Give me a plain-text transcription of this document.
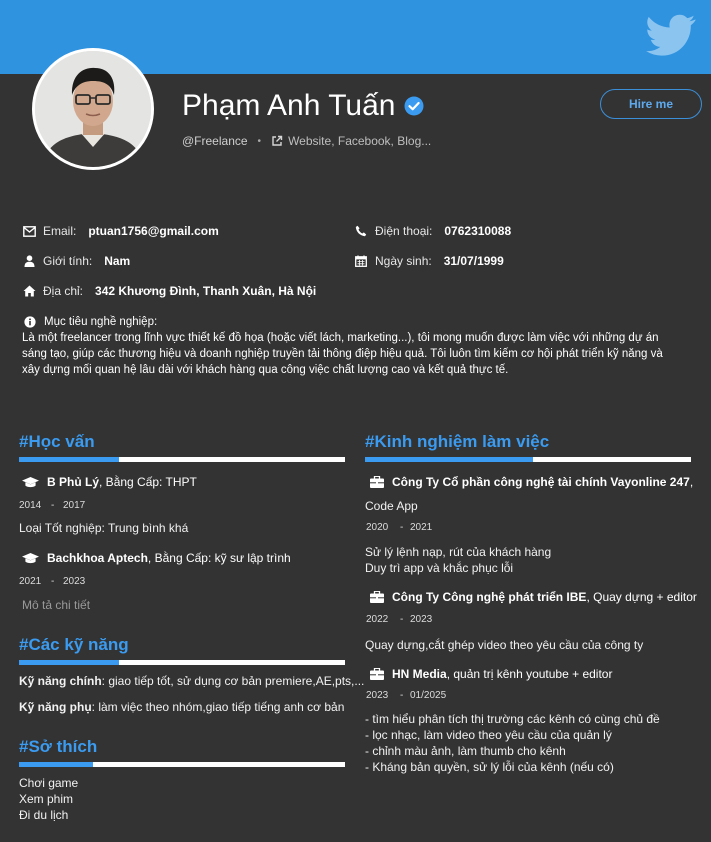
Phạm Anh Tuấn
@Freelance • Website, Facebook, Blog...
Hire me
Email: ptuan1756@gmail.com	Điện thoại: 0762310088
Giới tính: Nam	Ngày sinh: 31/07/1999
Địa chỉ: 342 Khương Đình, Thanh Xuân, Hà Nội
Mục tiêu nghề nghiệp:

Là một freelancer trong lĩnh vực thiết kế đồ họa (hoặc viết lách, marketing...), tôi mong muốn được làm việc với những dự án sáng tạo, giúp các thương hiệu và doanh nghiệp truyền tải thông điệp hiệu quả. Tôi luôn tìm kiếm cơ hội phát triển kỹ năng và xây dựng mối quan hệ lâu dài với khách hàng qua công việc chất lượng cao và kết quả thực tế.

#Học vấn
B Phủ Lý, Bằng Cấp: THPT
2014 - 2017
Loại Tốt nghiệp: Trung bình khá
Bachkhoa Aptech, Bằng Cấp: kỹ sư lập trình
2021 - 2023
Mô tả chi tiết
#Các kỹ năng
Kỹ năng chính: giao tiếp tốt, sử dụng cơ bản premiere,AE,pts,...
Kỹ năng phụ: làm việc theo nhóm,giao tiếp tiếng anh cơ bản
#Sở thích
Chơi game
Xem phim
Đi du lịch
#Kinh nghiệm làm việc
Công Ty Cổ phần công nghệ tài chính Vayonline 247,
Code App
2020 - 2021
Sử lý lệnh nạp, rút của khách hàng
Duy trì app và khắc phục lỗi
Công Ty Công nghệ phát triển IBE, Quay dựng + editor
2022 - 2023
Quay dựng,cắt ghép video theo yêu cầu của công ty
HN Media, quản trị kênh youtube + editor
2023 - 01/2025
- tìm hiểu phân tích thị trường các kênh có cùng chủ đề
- lọc nhạc, làm video theo yêu cầu của quản lý
- chỉnh màu ảnh, làm thumb cho kênh
- Kháng bản quyền, sử lý lỗi của kênh (nếu có)
